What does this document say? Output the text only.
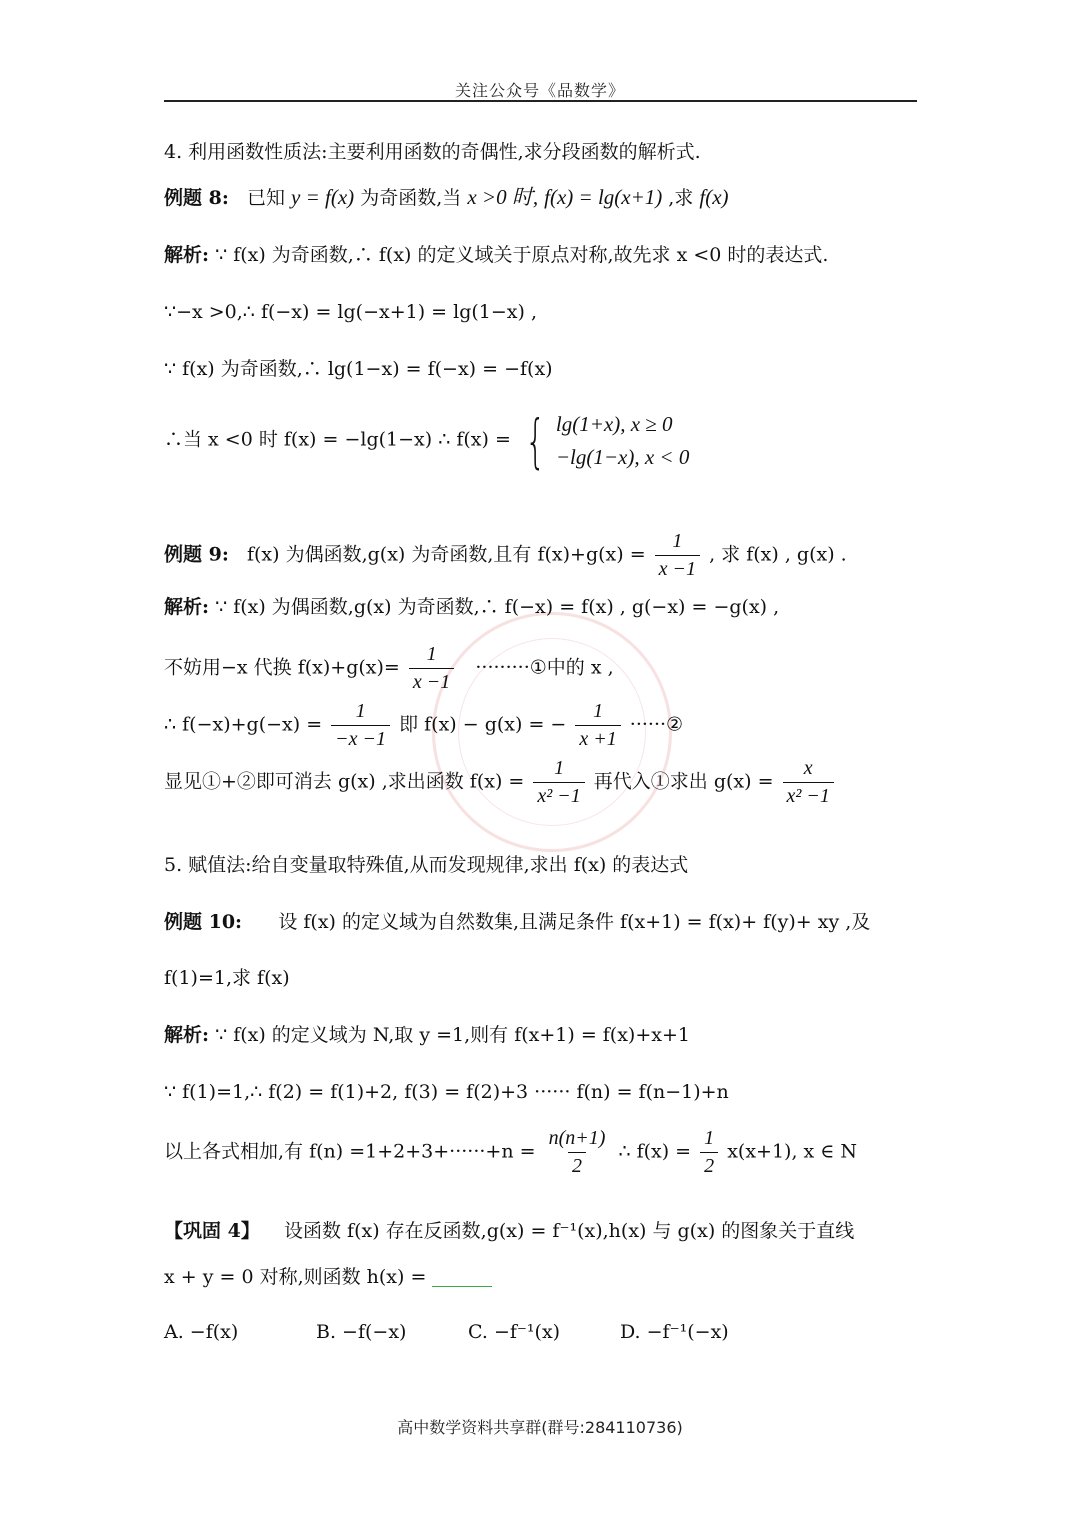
关注公众号《品数学》
4. 利用函数性质法:主要利用函数的奇偶性,求分段函数的解析式.
例题 8: 已知 y = f(x) 为奇函数,当 x >0 时, f(x) = lg(x+1) ,求 f(x)
解析: ∵ f(x) 为奇函数,∴ f(x) 的定义域关于原点对称,故先求 x <0 时的表达式.
∵−x >0,∴ f(−x) = lg(−x+1) = lg(1−x) ,
∵ f(x) 为奇函数,∴ lg(1−x) = f(−x) = −f(x)
∴当 x <0 时 f(x) = −lg(1−x) ∴ f(x) = { lg(1+x), x ≥ 0
−lg(1−x), x < 0
例题 9: f(x) 为偶函数,g(x) 为奇函数,且有 $f(x)+g(x) = \frac{1}{x -1}$ , 求 f(x) , g(x) .
解析: ∵ f(x) 为偶函数,g(x) 为奇函数,∴ f(−x) = f(x) , g(−x) = −g(x) ,
不妨用−x 代换 $f(x)+g(x)= \frac{1}{x -1}$ ·········①中的 x ,
∴ $f(-x)+g(-x) = \frac{1}{-x -1}$ 即 f(x) − g(x) = − $\frac{1}{x +1}$ ······②
显见①+②即可消去 g(x) ,求出函数 $f(x) = \frac{1}{\text{x² −1}}$ 再代入①求出 $g(x) = \frac{x}{\text{x² −1}}$
5. 赋值法:给自变量取特殊值,从而发现规律,求出 f(x) 的表达式
例题 10: 设 f(x) 的定义域为自然数集,且满足条件 f(x+1) = f(x)+ f(y)+ xy ,及
f(1)=1,求 f(x)
解析: ∵ f(x) 的定义域为 N,取 y =1,则有 f(x+1) = f(x)+x+1
∵ f(1)=1,∴ f(2) = f(1)+2, f(3) = f(2)+3 ······ f(n) = f(n−1)+n
以上各式相加,有 $f(n) =1+2+3+\cdot\cdot\cdot\cdot\cdot\cdot+n = \frac{n(n+1)}{2}$ ∴ $f(x) = \frac{1}{2} x(x+1)$, x ∈ N
【巩固 4】 设函数 f(x) 存在反函数,g(x) = f⁻¹(x),h(x) 与 g(x) 的图象关于直线
x + y = 0 对称,则函数 h(x) =
A. −f(x)	B. −f(−x)	C. −f⁻¹(x)	D. −f⁻¹(−x)
高中数学资料共享群(群号:284110736)
